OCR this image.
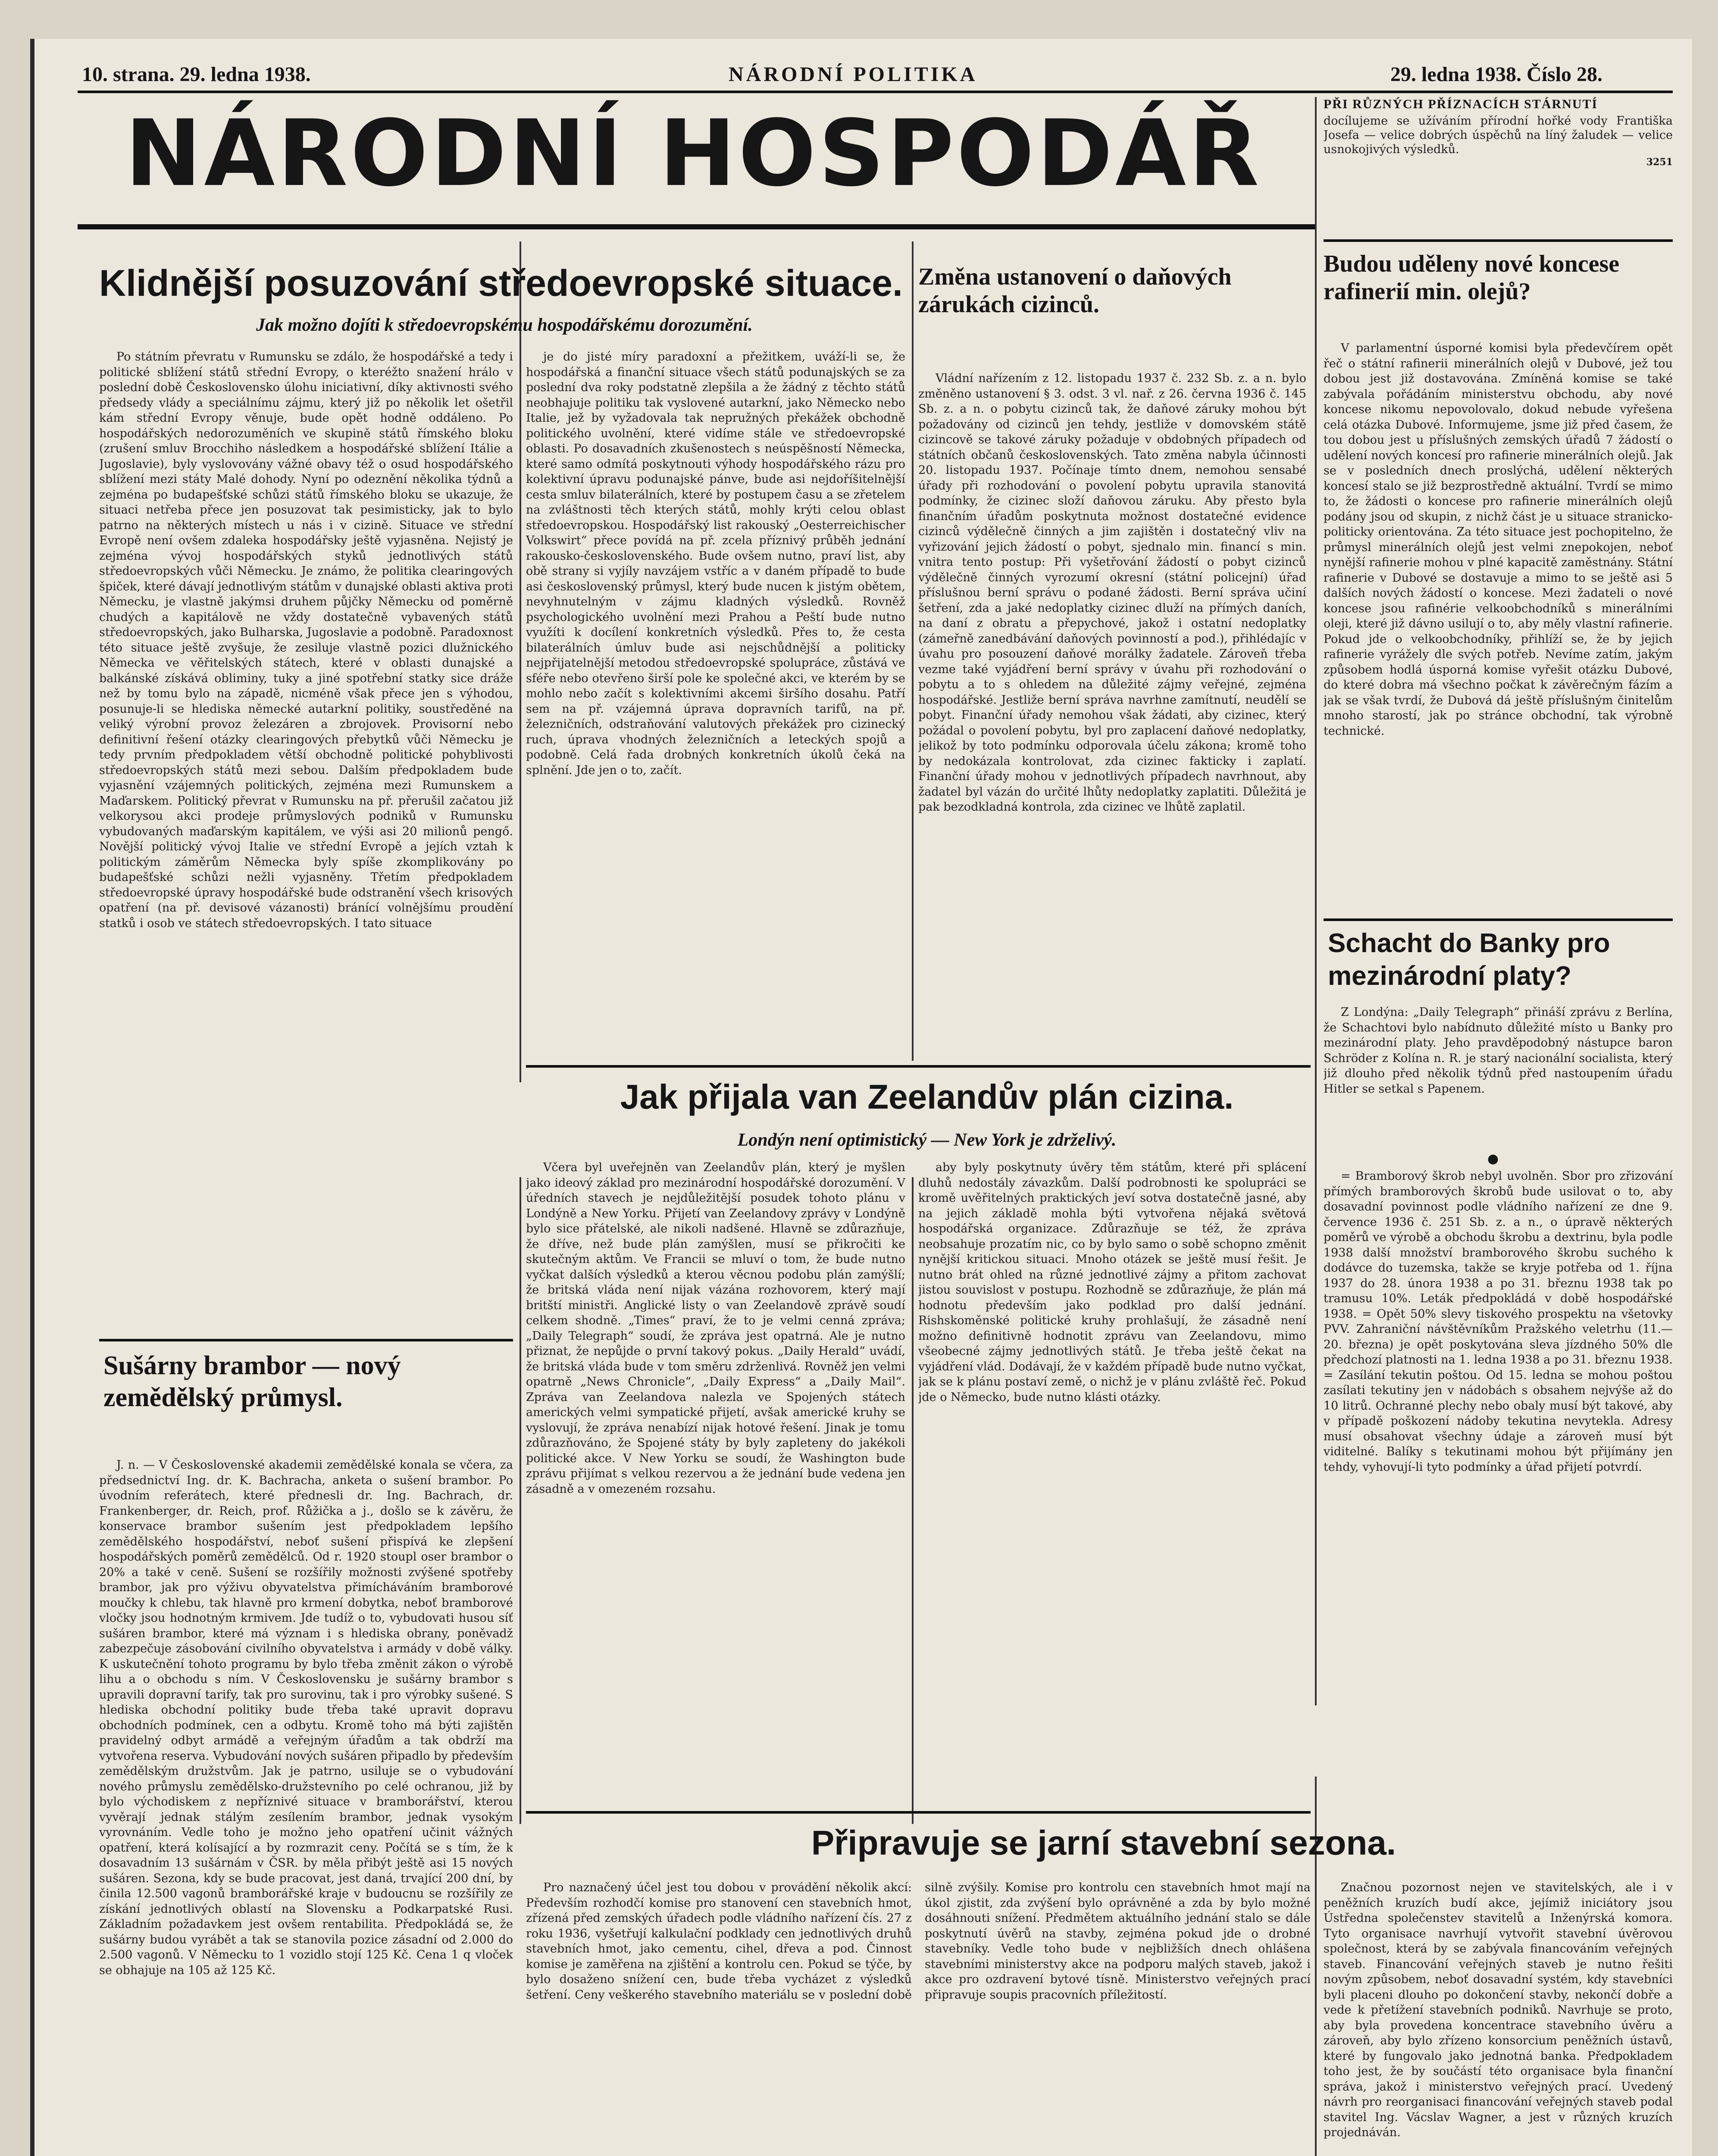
10. strana. 29. ledna 1938.	NÁRODNÍ POLITIKA	29. ledna 1938. Číslo 28.
NÁRODNÍ HOSPODÁŘ	PŘI RŮZNÝCH PŘÍZNACÍCH STÁRNUTÍ
docílujeme se užíváním přírodní hořké vody Františka Josefa — velice dobrých úspěchů na líný žaludek — velice usnokojivých výsledků.
3251
Klidnější posuzování středoevropské situace.
Jak možno dojíti k středoevropskému hospodářskému dorozumění.

Po státním převratu v Rumunsku se zdálo, že hospodářské a tedy i politické sblížení států střední Evropy, o kteréžto snažení hrálo v poslední době Československo úlohu iniciativní, díky aktivnosti svého předsedy vlády a speciálnímu zájmu, který již po několik let ošetřil kám střední Evropy věnuje, bude opět hodně oddáleno. Po hospodářských nedorozuměních ve skupině států římského bloku (zrušení smluv Brocchiho následkem a hospodářské sblížení Itálie a Jugoslavie), byly vyslovovány vážné obavy též o osud hospodářského sblížení mezi státy Malé dohody. Nyní po odeznění několika týdnů a zejména po budapešťské schůzi států římského bloku se ukazuje, že situaci netřeba přece jen posuzovat tak pesimisticky, jak to bylo patrno na některých místech u nás i v cizině. Situace ve střední Evropě není ovšem zdaleka hospodářsky ještě vyjasněna. Nejistý je zejména vývoj hospodářských styků jednotlivých států středoevropských vůči Německu. Je známo, že politika clearingových špiček, které dávají jednotlivým státům v dunajské oblasti aktiva proti Německu, je vlastně jakýmsi druhem půjčky Německu od poměrně chudých a kapitálově ne vždy dostatečně vybavených států středoevropských, jako Bulharska, Jugoslavie a podobně. Paradoxnost této situace ještě zvyšuje, že zesiluje vlastně pozici dlužnického Německa ve věřitelských státech, které v oblasti dunajské a balkánské získává obliminy, tuky a jiné spotřební statky sice dráže než by tomu bylo na západě, nicméně však přece jen s výhodou, posunuje-li se hlediska německé autarkní politiky, soustředěné na veliký výrobní provoz železáren a zbrojovek. Provisorní nebo definitivní řešení otázky clearingových přebytků vůči Německu je tedy prvním předpokladem větší obchodně politické pohyblivosti středoevropských států mezi sebou. Dalším předpokladem bude vyjasnění vzájemných politických, zejména mezi Rumunskem a Maďarskem. Politický převrat v Rumunsku na př. přerušil začatou již velkorysou akci prodeje průmyslových podniků v Rumunsku vybudovaných maďarským kapitálem, ve výši asi 20 milionů pengő. Novější politický vývoj Italie ve střední Evropě a jejích vztah k politickým záměrům Německa byly spíše zkomplikovány po budapešťské schůzi nežli vyjasněny. Třetím předpokladem středoevropské úpravy hospodářské bude odstranění všech krisových opatření (na př. devisové vázanosti) bránící volnějšímu proudění statků i osob ve státech středoevropských. I tato situace

je do jisté míry paradoxní a přežitkem, uváží-li se, že hospodářská a finanční situace všech států podunajských se za poslední dva roky podstatně zlepšila a že žádný z těchto států neobhajuje politiku tak vyslovené autarkní, jako Německo nebo Italie, jež by vyžadovala tak nepružných překážek obchodně politického uvolnění, které vidíme stále ve středoevropské oblasti. Po dosavadních zkušenostech s neúspěšností Německa, které samo odmítá poskytnouti výhody hospodářského rázu pro kolektivní úpravu podunajské pánve, bude asi nejdoříšitelnější cesta smluv bilaterálních, které by postupem času a se zřetelem na zvláštnosti těch kterých států, mohly krýti celou oblast středoevropskou. Hospodářský list rakouský „Oesterreichischer Volkswirt“ přece povídá na př. zcela příznivý průběh jednání rakousko-československého. Bude ovšem nutno, praví list, aby obě strany si vyjíly navzájem vstříc a v daném případě to bude asi československý průmysl, který bude nucen k jistým obětem, nevyhnutelným v zájmu kladných výsledků. Rovněž psychologického uvolnění mezi Prahou a Peští bude nutno využíti k docílení konkretních výsledků. Přes to, že cesta bilaterálních úmluv bude asi nejschůdnější a politicky nejpřijatelnější metodou středoevropské spolupráce, zůstává ve sféře nebo otevřeno širší pole ke společné akci, ve kterém by se mohlo nebo začít s kolektivními akcemi širšího dosahu. Patří sem na př. vzájemná úprava dopravních tarifů, na př. železničních, odstraňování valutových překážek pro cizinecký ruch, úprava vhodných železničních a leteckých spojů a podobně. Celá řada drobných konkretních úkolů čeká na splnění. Jde jen o to, začít.

Sušárny brambor — nový zemědělský průmysl.

J. n. — V Československé akademii zemědělské konala se včera, za předsednictví Ing. dr. K. Bachracha, anketa o sušení brambor. Po úvodním referátech, které přednesli dr. Ing. Bachrach, dr. Frankenberger, dr. Reich, prof. Růžička a j., došlo se k závěru, že konservace brambor sušením jest předpokladem lepšího zemědělského hospodářství, neboť sušení přispívá ke zlepšení hospodářských poměrů zemědělců. Od r. 1920 stoupl oser brambor o 20% a také v ceně. Sušení se rozšířily možnosti zvýšené spotřeby brambor, jak pro výživu obyvatelstva přimícháváním bramborové moučky k chlebu, tak hlavně pro krmení dobytka, neboť bramborové vločky jsou hodnotným krmivem. Jde tudíž o to, vybudovati husou síť sušáren brambor, které má význam i s hlediska obrany, poněvadž zabezpečuje zásobování civilního obyvatelstva i armády v době války. K uskutečnění tohoto programu by bylo třeba změnit zákon o výrobě lihu a o obchodu s ním. V Československu je sušárny brambor s upravili dopravní tarify, tak pro surovinu, tak i pro výrobky sušené. S hlediska obchodní politiky bude třeba také upravit dopravu obchodních podmínek, cen a odbytu. Kromě toho má býti zajištěn pravidelný odbyt armádě a veřejným úřadům a tak obdrží ma vytvořena reserva. Vybudování nových sušáren připadlo by především zemědělským družstvům. Jak je patrno, usiluje se o vybudování nového průmyslu zemědělsko-družstevního po celé ochranou, již by bylo východiskem z nepříznivé situace v bramborářství, kterou vyvěrají jednak stálým zesílením brambor, jednak vysokým vyrovnáním. Vedle toho je možno jeho opatření učinit vážných opatření, která kolísající a by rozmrazit ceny. Počítá se s tím, že k dosavadním 13 sušárnám v ČSR. by měla přibýt ještě asi 15 nových sušáren. Sezona, kdy se bude pracovat, jest daná, trvající 200 dní, by činila 12.500 vagonů bramborářské kraje v budoucnu se rozšířily ze získání jednotlivých oblastí na Slovensku a Podkarpatské Rusi. Základním požadavkem jest ovšem rentabilita. Předpokládá se, že sušárny budou vyrábět a tak se stanovila pozice zásadní od 2.000 do 2.500 vagonů. V Německu to 1 vozidlo stojí 125 Kč. Cena 1 q vloček se obhajuje na 105 až 125 Kč.

Změna ustanovení o daňových zárukách cizinců.

Vládní nařízením z 12. listopadu 1937 č. 232 Sb. z. a n. bylo změněno ustanovení § 3. odst. 3 vl. nař. z 26. června 1936 č. 145 Sb. z. a n. o pobytu cizinců tak, že daňové záruky mohou být požadovány od cizinců jen tehdy, jestliže v domovském státě cizincově se takové záruky požaduje v obdobných případech od státních občanů československých. Tato změna nabyla účinnosti 20. listopadu 1937. Počínaje tímto dnem, nemohou sensabé úřady při rozhodování o povolení pobytu upravila stanovitá podmínky, že cizinec složí daňovou záruku. Aby přesto byla finančním úřadům poskytnuta možnost dostatečné evidence cizinců výdělečně činných a jim zajištěn i dostatečný vliv na vyřizování jejich žádostí o pobyt, sjednalo min. financí s min. vnitra tento postup: Při vyšetřování žádostí o pobyt cizinců výdělečně činných vyrozumí okresní (státní policejní) úřad příslušnou berní správu o podané žádosti. Berní správa učiní šetření, zda a jaké nedoplatky cizinec dluží na přímých daních, na daní z obratu a přepychové, jakož i ostatní nedoplatky (zámeřně zanedbávání daňových povinností a pod.), přihlédajíc v úvahu pro posouzení daňové morálky žadatele. Zároveň třeba vezme také vyjádření berní správy v úvahu při rozhodování o pobytu a to s ohledem na důležité zájmy veřejné, zejména hospodářské. Jestliže berní správa navrhne zamítnutí, neudělí se pobyt. Finanční úřady nemohou však žádati, aby cizinec, který požádal o povolení pobytu, byl pro zaplacení daňové nedoplatky, jelikož by toto podmínku odporovala účelu zákona; kromě toho by nedokázala kontrolovat, zda cizinec fakticky i zaplatí. Finanční úřady mohou v jednotlivých případech navrhnout, aby žadatel byl vázán do určité lhůty nedoplatky zaplatiti. Důležitá je pak bezodkladná kontrola, zda cizinec ve lhůtě zaplatil.

Jak přijala van Zeelandův plán cizina.
Londýn není optimistický — New York je zdrželivý.

Včera byl uveřejněn van Zeelandův plán, který je myšlen jako ideový základ pro mezinárodní hospodářské dorozumění. V úředních stavech je nejdůležitější posudek tohoto plánu v Londýně a New Yorku. Přijetí van Zeelandovy zprávy v Londýně bylo sice přátelské, ale nikoli nadšené. Hlavně se zdůrazňuje, že dříve, než bude plán zamýšlen, musí se přikročiti ke skutečným aktům. Ve Francii se mluví o tom, že bude nutno vyčkat dalších výsledků a kterou věcnou podobu plán zamýšlí; že britská vláda není nijak vázána rozhovorem, který mají britští ministři. Anglické listy o van Zeelandově zprávě soudí celkem shodně. „Times“ praví, že to je velmi cenná zpráva; „Daily Telegraph“ soudí, že zpráva jest opatrná. Ale je nutno přiznat, že nepůjde o první takový pokus. „Daily Herald“ uvádí, že britská vláda bude v tom směru zdrženlivá. Rovněž jen velmi opatrně „News Chronicle“, „Daily Express“ a „Daily Mail“. Zpráva van Zeelandova nalezla ve Spojených státech amerických velmi sympatické přijetí, avšak americké kruhy se vyslovují, že zpráva nenabízí nijak hotové řešení. Jinak je tomu zdůrazňováno, že Spojené státy by byly zapleteny do jakékoli politické akce. V New Yorku se soudí, že Washington bude zprávu přijímat s velkou rezervou a že jednání bude vedena jen zásadně a v omezeném rozsahu.

aby byly poskytnuty úvěry těm státům, které při splácení dluhů nedostály závazkům. Další podrobnosti ke spolupráci se kromě uvěřitelných praktických jeví sotva dostatečně jasné, aby na jejich základě mohla býti vytvořena nějaká světová hospodářská organizace. Zdůrazňuje se též, že zpráva neobsahuje prozatím nic, co by bylo samo o sobě schopno změnit nynější kritickou situaci. Mnoho otázek se ještě musí řešit. Je nutno brát ohled na různé jednotlivé zájmy a přitom zachovat jistou souvislost v postupu. Rozhodně se zdůrazňuje, že plán má hodnotu především jako podklad pro další jednání. Rishskoměnské politické kruhy prohlašují, že zásadně není možno definitivně hodnotit zprávu van Zeelandovu, mimo všeobecné zájmy jednotlivých států. Je třeba ještě čekat na vyjádření vlád. Dodávají, že v každém případě bude nutno vyčkat, jak se k plánu postaví země, o nichž je v plánu zvláště řeč. Pokud jde o Německo, bude nutno klásti otázky.

Budou uděleny nové koncese rafinerií min. olejů?

V parlamentní úsporné komisi byla předevčírem opět řeč o státní rafinerii minerálních olejů v Dubové, jež tou dobou jest již dostavována. Zmíněná komise se také zabývala pořádáním ministerstvu obchodu, aby nové koncese nikomu nepovolovalo, dokud nebude vyřešena celá otázka Dubové. Informujeme, jsme již před časem, že tou dobou jest u příslušných zemských úřadů 7 žádostí o udělení nových koncesí pro rafinerie minerálních olejů. Jak se v posledních dnech proslýchá, udělení některých koncesí stalo se již bezprostředně aktuální. Tvrdí se mimo to, že žádosti o koncese pro rafinerie minerálních olejů podány jsou od skupin, z nichž část je u situace stranicko-politicky orientována. Za této situace jest pochopitelno, že průmysl minerálních olejů jest velmi znepokojen, neboť nynější rafinerie mohou v plné kapacitě zaměstnány. Státní rafinerie v Dubové se dostavuje a mimo to se ještě asi 5 dalších nových žádostí o koncese. Mezi žadateli o nové koncese jsou rafinérie velkoobchodníků s minerálními oleji, které již dávno usilují o to, aby měly vlastní rafinerie. Pokud jde o velkoobchodníky, přihlíží se, že by jejich rafinerie vyrážely dle svých potřeb. Nevíme zatím, jakým způsobem hodlá úsporná komise vyřešit otázku Dubové, do které dobra má všechno počkat k závěrečným fázím a jak se však tvrdí, že Dubová dá ještě příslušným činitelům mnoho starostí, jak po stránce obchodní, tak výrobně technické.

Schacht do Banky pro mezinárodní platy?

Z Londýna: „Daily Telegraph“ přináší zprávu z Berlína, že Schachtovi bylo nabídnuto důležité místo u Banky pro mezinárodní platy. Jeho pravděpodobný nástupce baron Schröder z Kolína n. R. je starý nacionální socialista, který již dlouho před několik týdnů před nastoupením úřadu Hitler se setkal s Papenem.

●

= Bramborový škrob nebyl uvolněn. Sbor pro zřizování přímých bramborových škrobů bude usilovat o to, aby dosavadní povinnost podle vládního nařízení ze dne 9. července 1936 č. 251 Sb. z. a n., o úpravě některých poměrů ve výrobě a obchodu škrobu a dextrinu, byla podle 1938 další množství bramborového škrobu suchého k dodávce do tuzemska, takže se kryje potřeba od 1. října 1937 do 28. února 1938 a po 31. březnu 1938 tak po tramusu 10%. Leták předpokládá v době hospodářské 1938. = Opět 50% slevy tiskového prospektu na všetovky PVV. Zahraniční návštěvníkům Pražského veletrhu (11.—20. března) je opět poskytována sleva jízdného 50% dle předchozí platnosti na 1. ledna 1938 a po 31. březnu 1938. = Zasílání tekutin poštou. Od 15. ledna se mohou poštou zasílati tekutiny jen v nádobách s obsahem nejvýše až do 10 litrů. Ochranné plechy nebo obaly musí být takové, aby v případě poškození nádoby tekutina nevytekla. Adresy musí obsahovat všechny údaje a zároveň musí být viditelné. Balíky s tekutinami mohou být přijímány jen tehdy, vyhovují-li tyto podmínky a úřad přijetí potvrdí.

Připravuje se jarní stavební sezona.

Pro naznačený účel jest tou dobou v provádění několik akcí: Především rozhodčí komise pro stanovení cen stavebních hmot, zřízená před zemských úřadech podle vládního nařízení čís. 27 z roku 1936, vyšetřují kalkulační podklady cen jednotlivých druhů stavebních hmot, jako cementu, cihel, dřeva a pod. Činnost komise je zaměřena na zjištění a kontrolu cen. Pokud se týče, by bylo dosaženo snížení cen, bude třeba vycházet z výsledků šetření. Ceny veškerého stavebního materiálu se v poslední době silně zvýšily. Komise pro kontrolu cen stavebních hmot mají na úkol zjistit, zda zvýšení bylo oprávněné a zda by bylo možné dosáhnouti snížení. Předmětem aktuálního jednání stalo se dále poskytnutí úvěrů na stavby, zejména pokud jde o drobné stavebníky. Vedle toho bude v nejbližších dnech ohlášena stavebními ministerstvy akce na podporu malých staveb, jakož i akce pro ozdravení bytové tísně. Ministerstvo veřejných prací připravuje soupis pracovních příležitostí.

Značnou pozornost nejen ve stavitelských, ale i v peněžních kruzích budí akce, jejímiž iniciátory jsou Ústředna společenstev stavitelů a Inženýrská komora. Tyto organisace navrhují vytvořit stavební úvěrovou společnost, která by se zabývala financováním veřejných staveb. Financování veřejných staveb je nutno řešiti novým způsobem, neboť dosavadní systém, kdy stavebníci byli placeni dlouho po dokončení stavby, nekončí dobře a vede k přetížení stavebních podniků. Navrhuje se proto, aby byla provedena koncentrace stavebního úvěru a zároveň, aby bylo zřízeno konsorcium peněžních ústavů, které by fungovalo jako jednotná banka. Předpokladem toho jest, že by součástí této organisace byla finanční správa, jakož i ministerstvo veřejných prací. Uvedený návrh pro reorganisaci financování veřejných staveb podal stavitel Ing. Vácslav Wagner, a jest v různých kruzích projednáván.
